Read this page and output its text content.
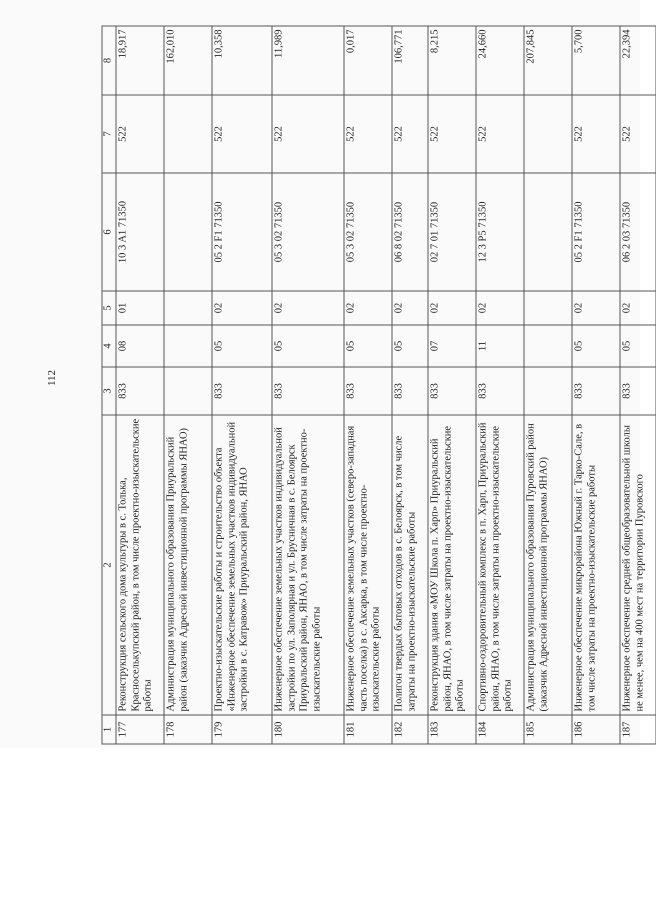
112
1	2	3	4	5	6	7	8
177	Реконструкция сельского дома культуры в с. Толька, Красноселькупский район, в том числе проектно-изыскательские работы	833	08	01	10 3 A1 71350	522	18,917
178	Администрация муниципального образования Приуральский район (заказчик Адресной инвестиционной программы ЯНАО)						162,010
179	Проектно-изыскательские работы и строительство объекта «Инженерное обеспечение земельных участков индивидуальной застройки в с. Катравож» Приуральский район, ЯНАО	833	05	02	05 2 F1 71350	522	10,358
180	Инженерное обеспечение земельных участков индивидуальной застройки по ул. Заполярная и ул. Брусничная в с. Белоярск Приуральский район, ЯНАО, в том числе затраты на проектно-изыскательские работы	833	05	02	05 3 02 71350	522	11,989
181	Инженерное обеспечение земельных участков (северо-западная часть поселка) в с. Аксарка, в том числе проектно-изыскательские работы	833	05	02	05 3 02 71350	522	0,017
182	Полигон твердых бытовых отходов в с. Белоярск, в том числе затраты на проектно-изыскательские работы	833	05	02	06 8 02 71350	522	106,771
183	Реконструкция здания «МОУ Школа п. Харп» Приуральский район, ЯНАО, в том числе затраты на проектно-изыскательские работы	833	07	02	02 7 01 71350	522	8,215
184	Спортивно-оздоровительный комплекс в п. Харп, Приуральский район, ЯНАО, в том числе затраты на проектно-изыскательские работы	833	11	02	12 3 P5 71350	522	24,660
185	Администрация муниципального образования Пуровский район (заказчик Адресной инвестиционной программы ЯНАО)						207,845
186	Инженерное обеспечение микрорайона Южный г. Тарко-Сале, в том числе затраты на проектно-изыскательские работы	833	05	02	05 2 F1 71350	522	5,700
187	Инженерное обеспечение средней общеобразовательной школы не менее, чем на 400 мест на территории Пуровского	833	05	02	06 2 03 71350	522	22,394
